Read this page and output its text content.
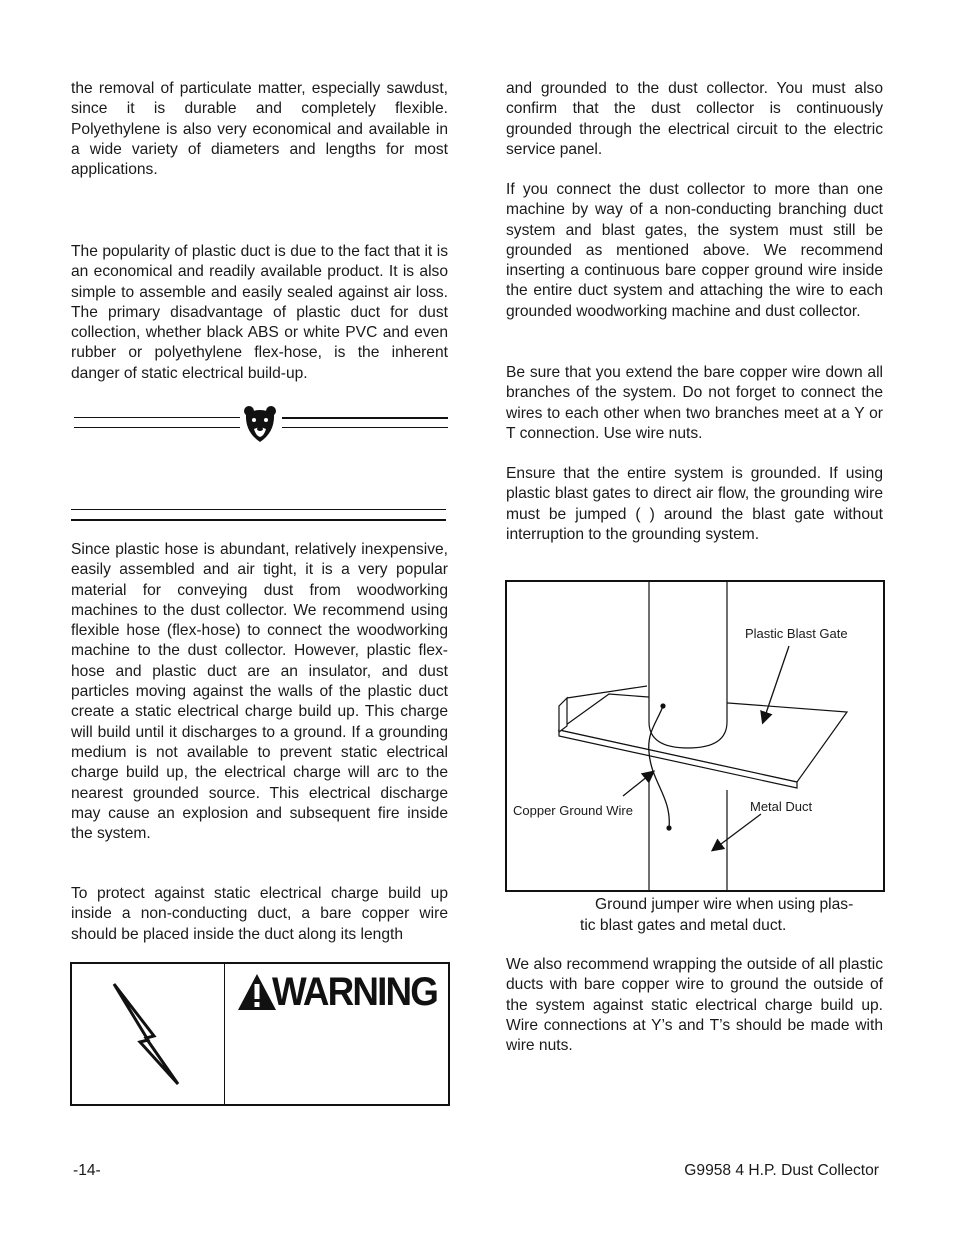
the removal of particulate matter, especially sawdust, since it is durable and completely flexible. Polyethylene is also very economical and available in a wide variety of diameters and lengths for most applications.

The popularity of plastic duct is due to the fact that it is an economical and readily available product. It is also simple to assemble and easily sealed against air loss. The primary disadvantage of plastic duct for dust collection, whether black ABS or white PVC and even rubber or polyethylene flex-hose, is the inherent danger of static electrical build-up.

Since plastic hose is abundant, relatively inexpensive, easily assembled and air tight, it is a very popular material for conveying dust from woodworking machines to the dust collector. We recommend using flexible hose (flex-hose) to connect the woodworking machine to the dust collector. However, plastic flex-hose and plastic duct are an insulator, and dust particles moving against the walls of the plastic duct create a static electrical charge build up. This charge will build until it discharges to a ground. If a grounding medium is not available to prevent static electrical charge build up, the electrical charge will arc to the nearest grounded source. This electrical discharge may cause an explosion and subsequent fire inside the system.

To protect against static electrical charge build up inside a non-conducting duct, a bare copper wire should be placed inside the duct along its length

WARNING

and grounded to the dust collector. You must also confirm that the dust collector is continuously grounded through the electrical circuit to the electric service panel.

If you connect the dust collector to more than one machine by way of a non-conducting branching duct system and blast gates, the system must still be grounded as mentioned above. We recommend inserting a continuous bare copper ground wire inside the entire duct system and attaching the wire to each grounded woodworking machine and dust collector.

Be sure that you extend the bare copper wire down all branches of the system. Do not forget to connect the wires to each other when two branches meet at a Y or T connection. Use wire nuts.

Ensure that the entire system is grounded. If using plastic blast gates to direct air flow, the grounding wire must be jumped ( ) around the blast gate without interruption to the grounding system.

Plastic Blast Gate
Copper Ground Wire	Metal Duct
Ground jumper wire when using plas-
tic blast gates and metal duct.

We also recommend wrapping the outside of all plastic ducts with bare copper wire to ground the outside of the system against static electrical charge build up. Wire connections at Y’s and T’s should be made with wire nuts.

-14-	G9958 4 H.P. Dust Collector
